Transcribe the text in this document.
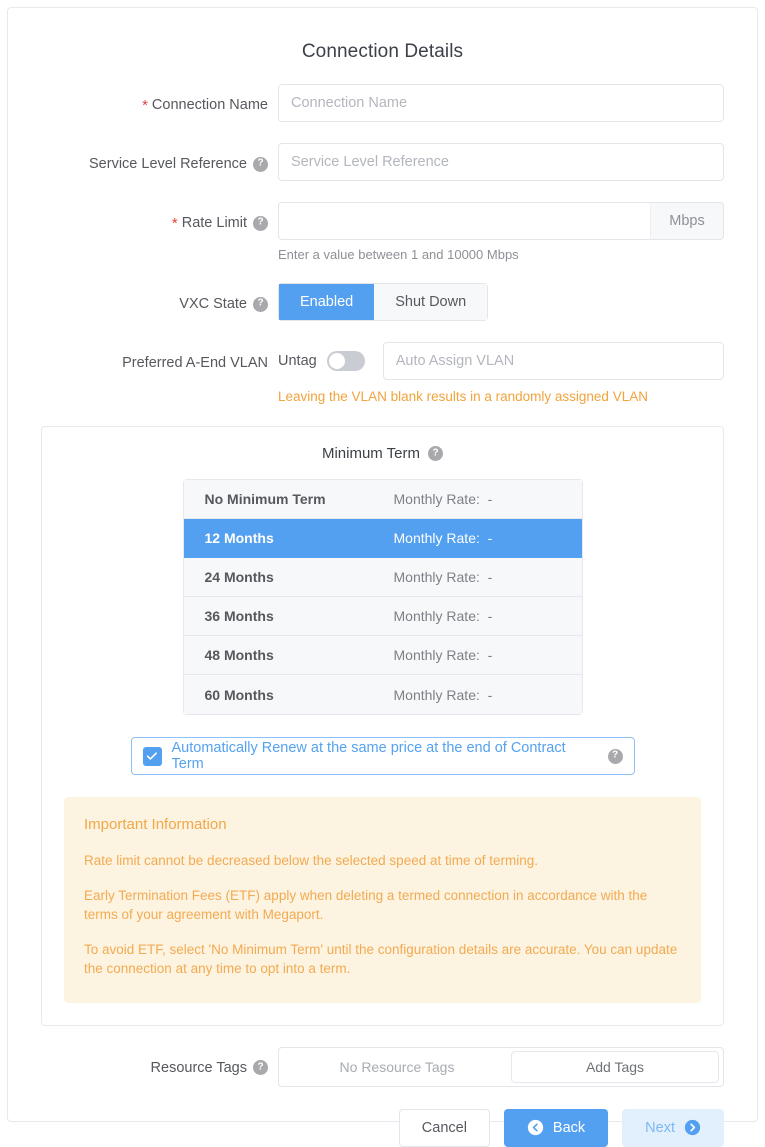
Connection Details
* Connection Name
Connection Name
Service Level Reference ?
Service Level Reference
* Rate Limit ?	Mbps
Enter a value between 1 and 10000 Mbps
VXC State ?	Enabled	Shut Down
Preferred A-End VLAN Untag
Auto Assign VLAN
Leaving the VLAN blank results in a randomly assigned VLAN
Minimum Term ?
No Minimum Term	Monthly Rate: -
12 Months	Monthly Rate: -
24 Months	Monthly Rate: -
36 Months	Monthly Rate: -
48 Months	Monthly Rate: -
60 Months	Monthly Rate: -
Automatically Renew at the same price at the end of Contract Term
?
Important Information
Rate limit cannot be decreased below the selected speed at time of terming.
Early Termination Fees (ETF) apply when deleting a termed connection in accordance with the terms of your agreement with Megaport.
To avoid ETF, select 'No Minimum Term' until the configuration details are accurate. You can update the connection at any time to opt into a term.
Resource Tags ?	No Resource Tags	Add Tags
Cancel	Back	Next
